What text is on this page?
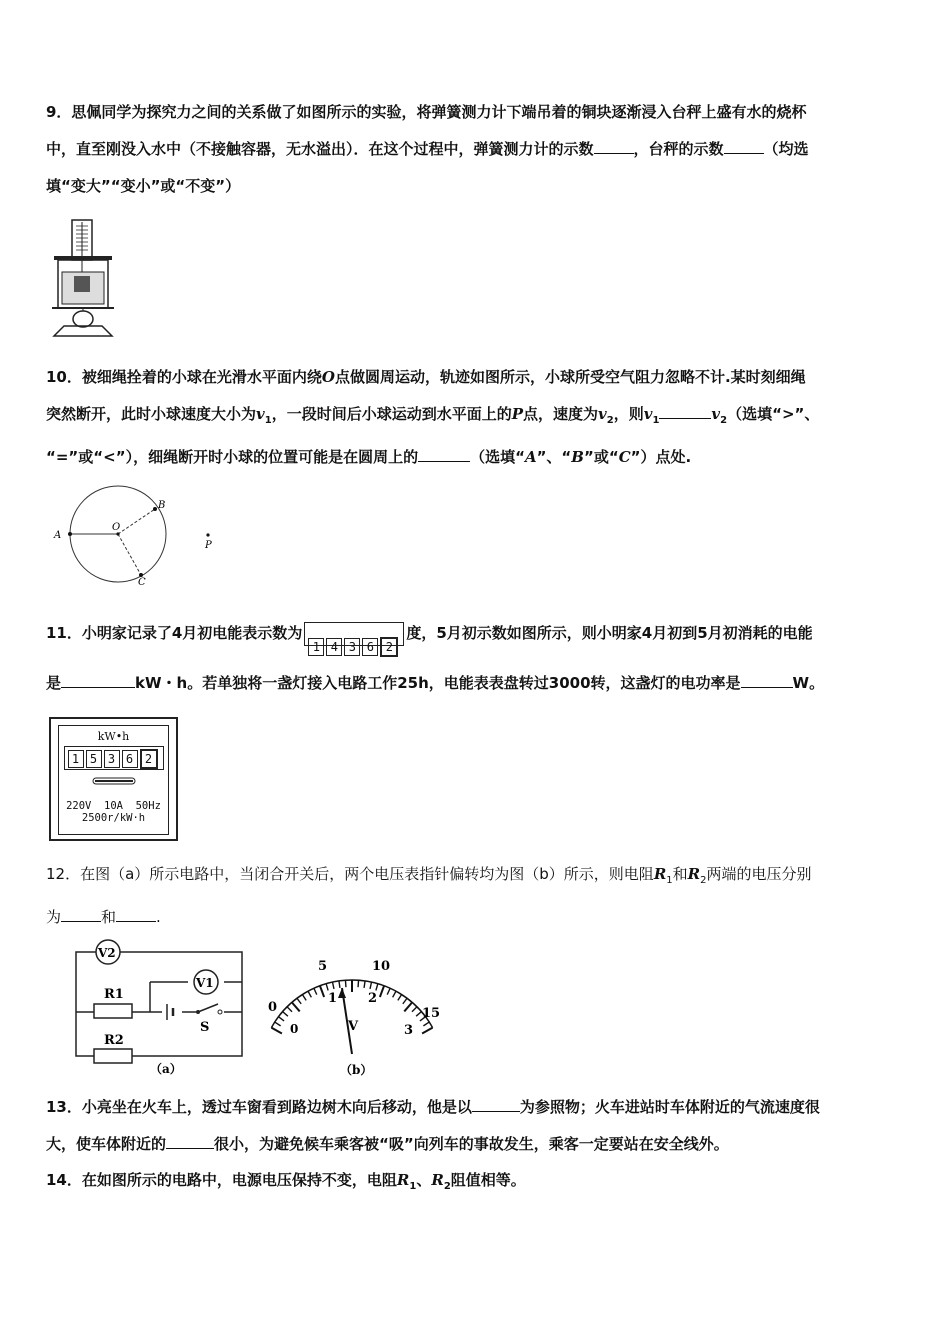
9．思佩同学为探究力之间的关系做了如图所示的实验，将弹簧测力计下端吊着的铜块逐渐浸入台秤上盛有水的烧杯
中，直至刚没入水中（不接触容器，无水溢出）．在这个过程中，弹簧测力计的示数	，台秤的示数	（均选
填“变大”“变小”或“不变”）
10．被细绳拴着的小球在光滑水平面内绕O点做圆周运动，轨迹如图所示，小球所受空气阻力忽略不计.某时刻细绳
突然断开，此时小球速度大小为$v_1$，一段时间后小球运动到水平面上的P点，速度为$v_2$，则$v_1$	$v_2$（选填“>”、
“=”或“<”），细绳断开时小球的位置可能是在圆周上的	（选填“A”、“B”或“C”）点处.
A
O
B
C
P
11．小明家记录了4月初电能表示数为1 4 3 6 2度，5月初示数如图所示，则小明家4月初到5月初消耗的电能
是	kW・h。若单独将一盏灯接入电路工作25h，电能表表盘转过3000转，这盏灯的电功率是	W。
kW•h
1 5 3 6 2
220V  10A  50Hz
2500r/kW·h
12．在图（a）所示电路中，当闭合开关后，两个电压表指针偏转均为图（b）所示，则电阻$R_1$和$R_2$两端的电压分别
为	和	.
V2
R1
V1
S
R2
（a）
5	10
15
0
0
1 2
3
V
（b）
13．小亮坐在火车上，透过车窗看到路边树木向后移动，他是以	为参照物；火车进站时车体附近的气流速度很
大，使车体附近的	很小，为避免候车乘客被“吸”向列车的事故发生，乘客一定要站在安全线外。
14．在如图所示的电路中，电源电压保持不变，电阻$R_1$、$R_2$阻值相等。
